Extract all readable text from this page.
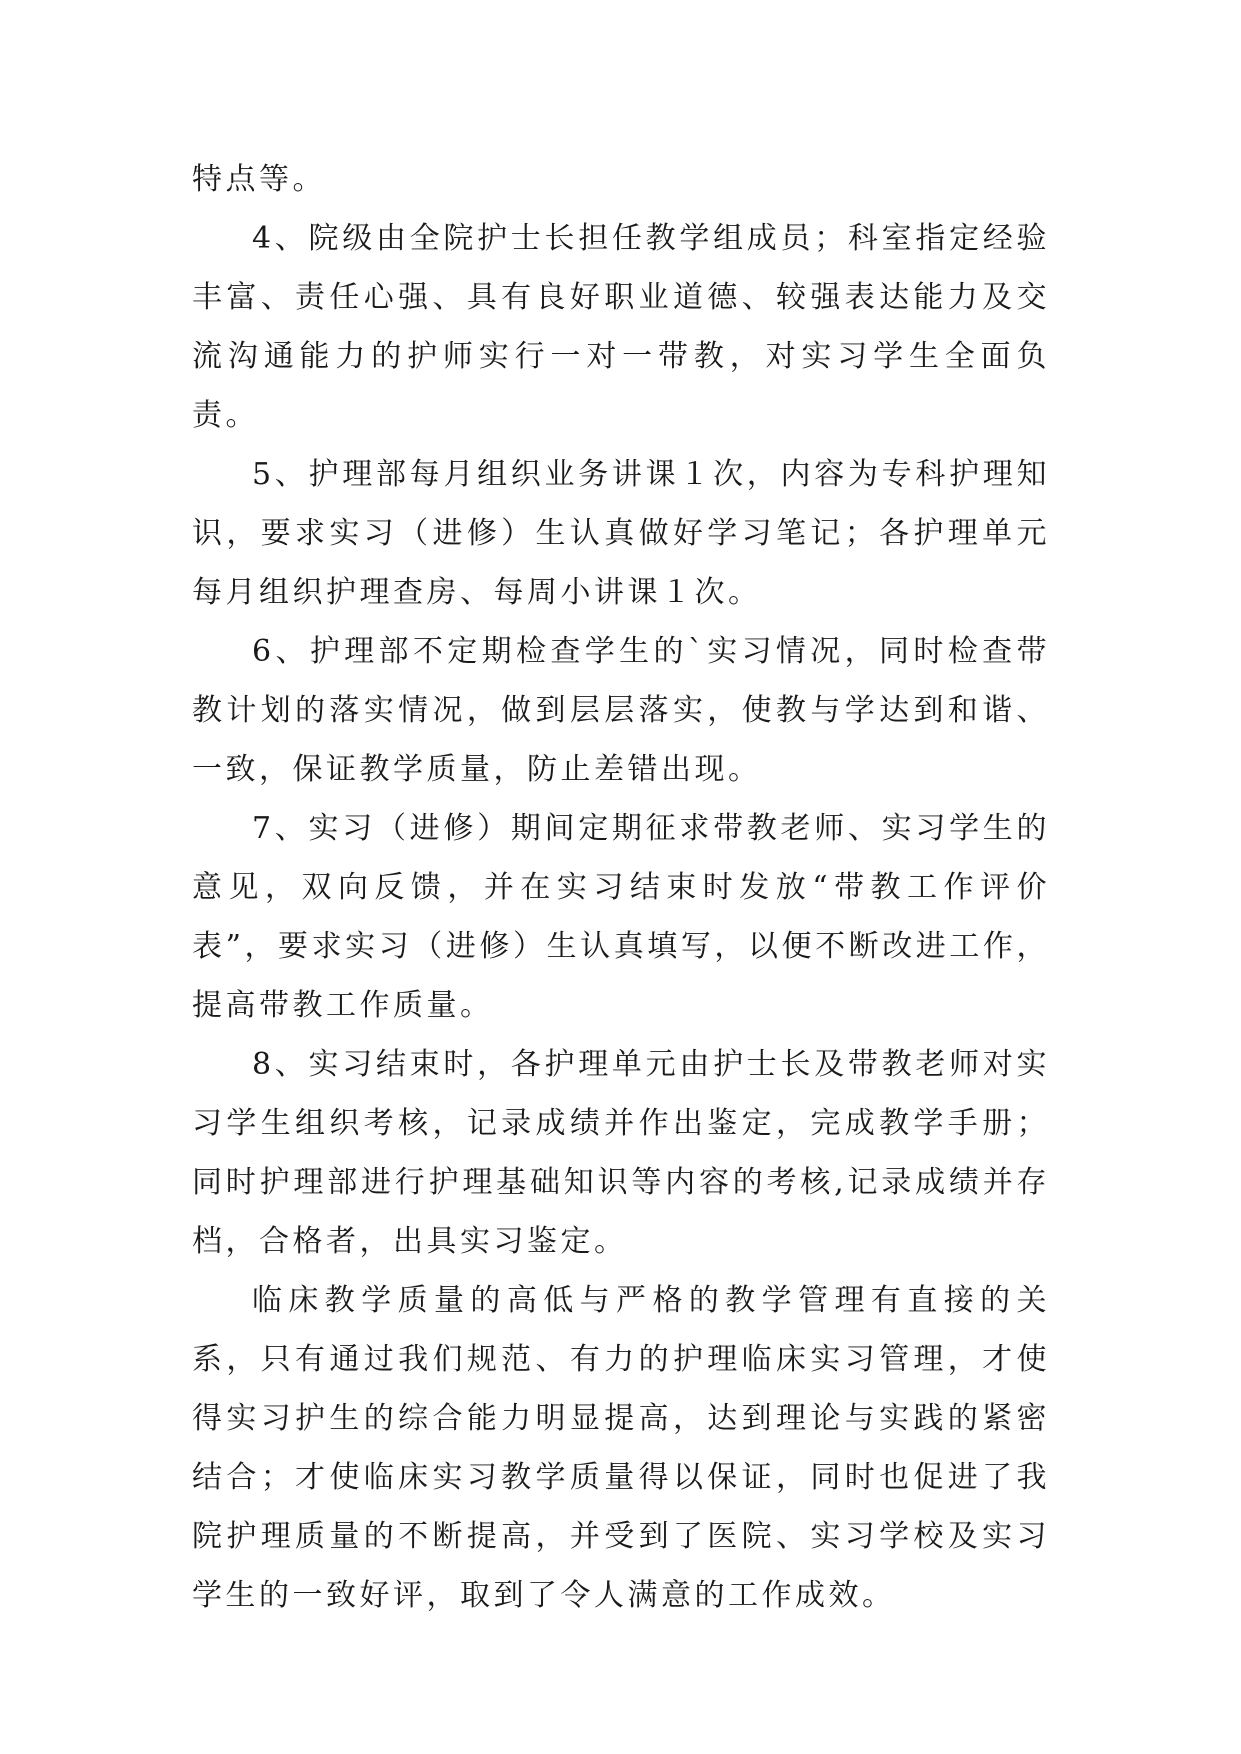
特点等。

4、院级由全院护士长担任教学组成员；科室指定经验丰富、责任心强、具有良好职业道德、较强表达能力及交流沟通能力的护师实行一对一带教，对实习学生全面负责。

5、护理部每月组织业务讲课１次，内容为专科护理知识，要求实习（进修）生认真做好学习笔记；各护理单元每月组织护理查房、每周小讲课１次。

6、护理部不定期检查学生的`实习情况，同时检查带教计划的落实情况，做到层层落实，使教与学达到和谐、一致，保证教学质量，防止差错出现。

7、实习（进修）期间定期征求带教老师、实习学生的意见，双向反馈，并在实习结束时发放“带教工作评价表”，要求实习（进修）生认真填写，以便不断改进工作，提高带教工作质量。

8、实习结束时，各护理单元由护士长及带教老师对实习学生组织考核，记录成绩并作出鉴定，完成教学手册；同时护理部进行护理基础知识等内容的考核,记录成绩并存档，合格者，出具实习鉴定。

临床教学质量的高低与严格的教学管理有直接的关系，只有通过我们规范、有力的护理临床实习管理，才使得实习护生的综合能力明显提高，达到理论与实践的紧密结合；才使临床实习教学质量得以保证，同时也促进了我院护理质量的不断提高，并受到了医院、实习学校及实习学生的一致好评，取到了令人满意的工作成效。
